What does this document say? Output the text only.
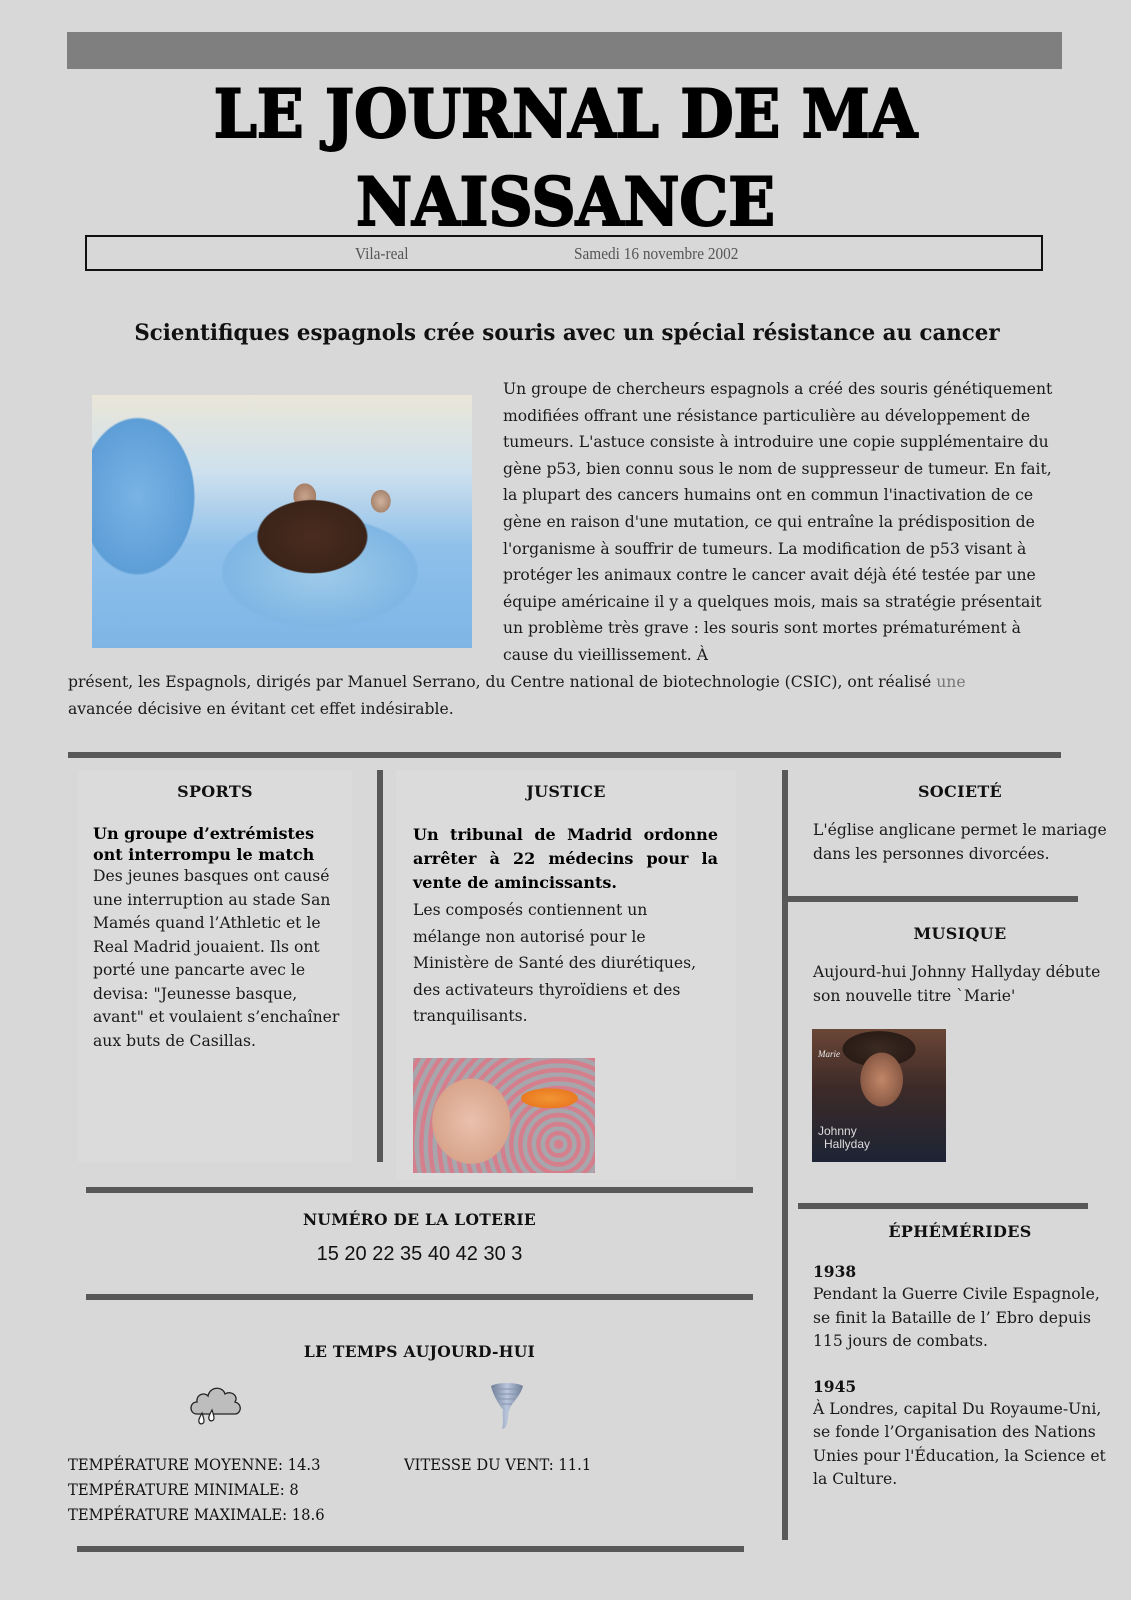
LE JOURNAL DE MA
NAISSANCE
Vila-real	Samedi 16 novembre 2002
Scientifiques espagnols crée souris avec un spécial résistance au cancer
Un groupe de chercheurs espagnols a créé des souris génétiquement modifiées offrant une résistance particulière au développement de tumeurs. L'astuce consiste à introduire une copie supplémentaire du gène p53, bien connu sous le nom de suppresseur de tumeur. En fait, la plupart des cancers humains ont en commun l'inactivation de ce gène en raison d'une mutation, ce qui entraîne la prédisposition de l'organisme à souffrir de tumeurs. La modification de p53 visant à protéger les animaux contre le cancer avait déjà été testée par une équipe américaine il y a quelques mois, mais sa stratégie présentait un problème très grave : les souris sont mortes prématurément à cause du vieillissement. À
présent, les Espagnols, dirigés par Manuel Serrano, du Centre national de biotechnologie (CSIC), ont réalisé une
avancée décisive en évitant cet effet indésirable.
SPORTS
Un groupe d’extrémistes ont interrompu le match
Des jeunes basques ont causé une interruption au stade San Mamés quand l’Athletic et le Real Madrid jouaient. Ils ont porté une pancarte avec le devisa: "Jeunesse basque, avant" et voulaient s’enchaîner aux buts de Casillas.
JUSTICE
Un tribunal de Madrid ordonne arrêter à 22 médecins pour la vente de amincissants.
Les composés contiennent un mélange non autorisé pour le Ministère de Santé des diurétiques, des activateurs thyroïdiens et des tranquilisants.
SOCIETÉ
L'église anglicane permet le mariage dans les personnes divorcées.
MUSIQUE
Aujourd-hui Johnny Hallyday débute son nouvelle titre `Marie'
Marie
Johnny
Hallyday
NUMÉRO DE LA LOTERIE
15 20 22 35 40 42 30 3
LE TEMPS AUJOURD-HUI
TEMPÉRATURE MOYENNE: 14.3
TEMPÉRATURE MINIMALE: 8
TEMPÉRATURE MAXIMALE: 18.6
VITESSE DU VENT: 11.1
ÉPHÉMÉRIDES
1938
Pendant la Guerre Civile Espagnole, se finit la Bataille de l’ Ebro depuis 115 jours de combats.
1945
À Londres, capital Du Royaume-Uni, se fonde l’Organisation des Nations Unies pour l'Éducation, la Science et la Culture.
